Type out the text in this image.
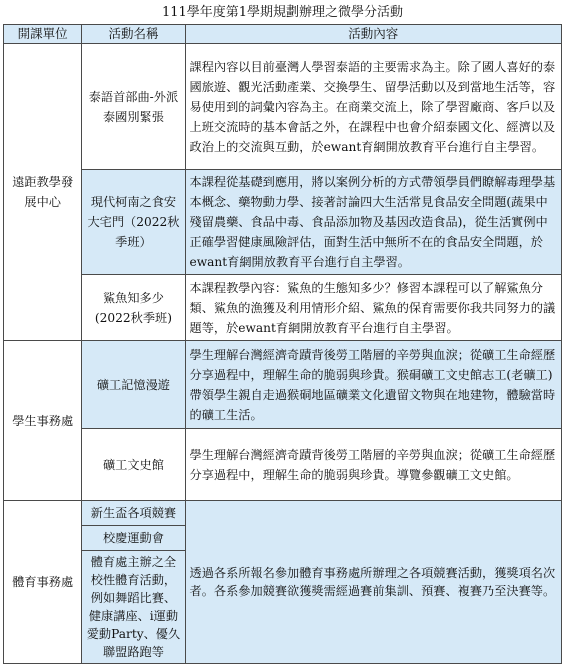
111學年度第1學期規劃辦理之微學分活動
開課單位	活動名稱	活動內容
遠距教學發展中心	泰語首部曲-外派泰國別緊張	課程內容以目前臺灣人學習泰語的主要需求為主。除了國人喜好的泰國旅遊、觀光活動產業、交換學生、留學活動以及到當地生活等，容易使用到的詞彙內容為主。在商業交流上，除了學習廠商、客戶以及上班交流時的基本會話之外，在課程中也會介紹泰國文化、經濟以及政治上的交流與互動，於ewant育網開放教育平台進行自主學習。
	現代柯南之食安大宅門（2022秋季班）	本課程從基礎到應用，將以案例分析的方式帶領學員們瞭解毒理學基本概念、藥物動力學、接著討論四大生活常見食品安全問題(蔬果中殘留農藥、食品中毒、食品添加物及基因改造食品)，從生活實例中正確學習健康風險評估，面對生活中無所不在的食品安全問題，於ewant育網開放教育平台進行自主學習。
	鯊魚知多少(2022秋季班)	本課程教學內容：鯊魚的生態知多少？修習本課程可以了解鯊魚分類、鯊魚的漁獲及利用情形介紹、鯊魚的保育需要你我共同努力的議題等，於ewant育網開放教育平台進行自主學習。
學生事務處	礦工記憶漫遊	學生理解台灣經濟奇蹟背後勞工階層的辛勞與血淚；從礦工生命經歷分享過程中，理解生命的脆弱與珍貴。猴硐礦工文史館志工(老礦工)帶領學生親自走過猴硐地區礦業文化遺留文物與在地建物，體驗當時的礦工生活。
	礦工文史館	學生理解台灣經濟奇蹟背後勞工階層的辛勞與血淚；從礦工生命經歷分享過程中，理解生命的脆弱與珍貴。導覽參觀礦工文史館。
體育事務處	新生盃各項競賽	透過各系所報名參加體育事務處所辦理之各項競賽活動，獲獎項名次者。各系參加競賽欲獲獎需經過賽前集訓、預賽、複賽乃至決賽等。
	校慶運動會	
	體育處主辦之全校性體育活動，例如舞蹈比賽、健康講座、i運動愛動Party、優久聯盟路跑等	
